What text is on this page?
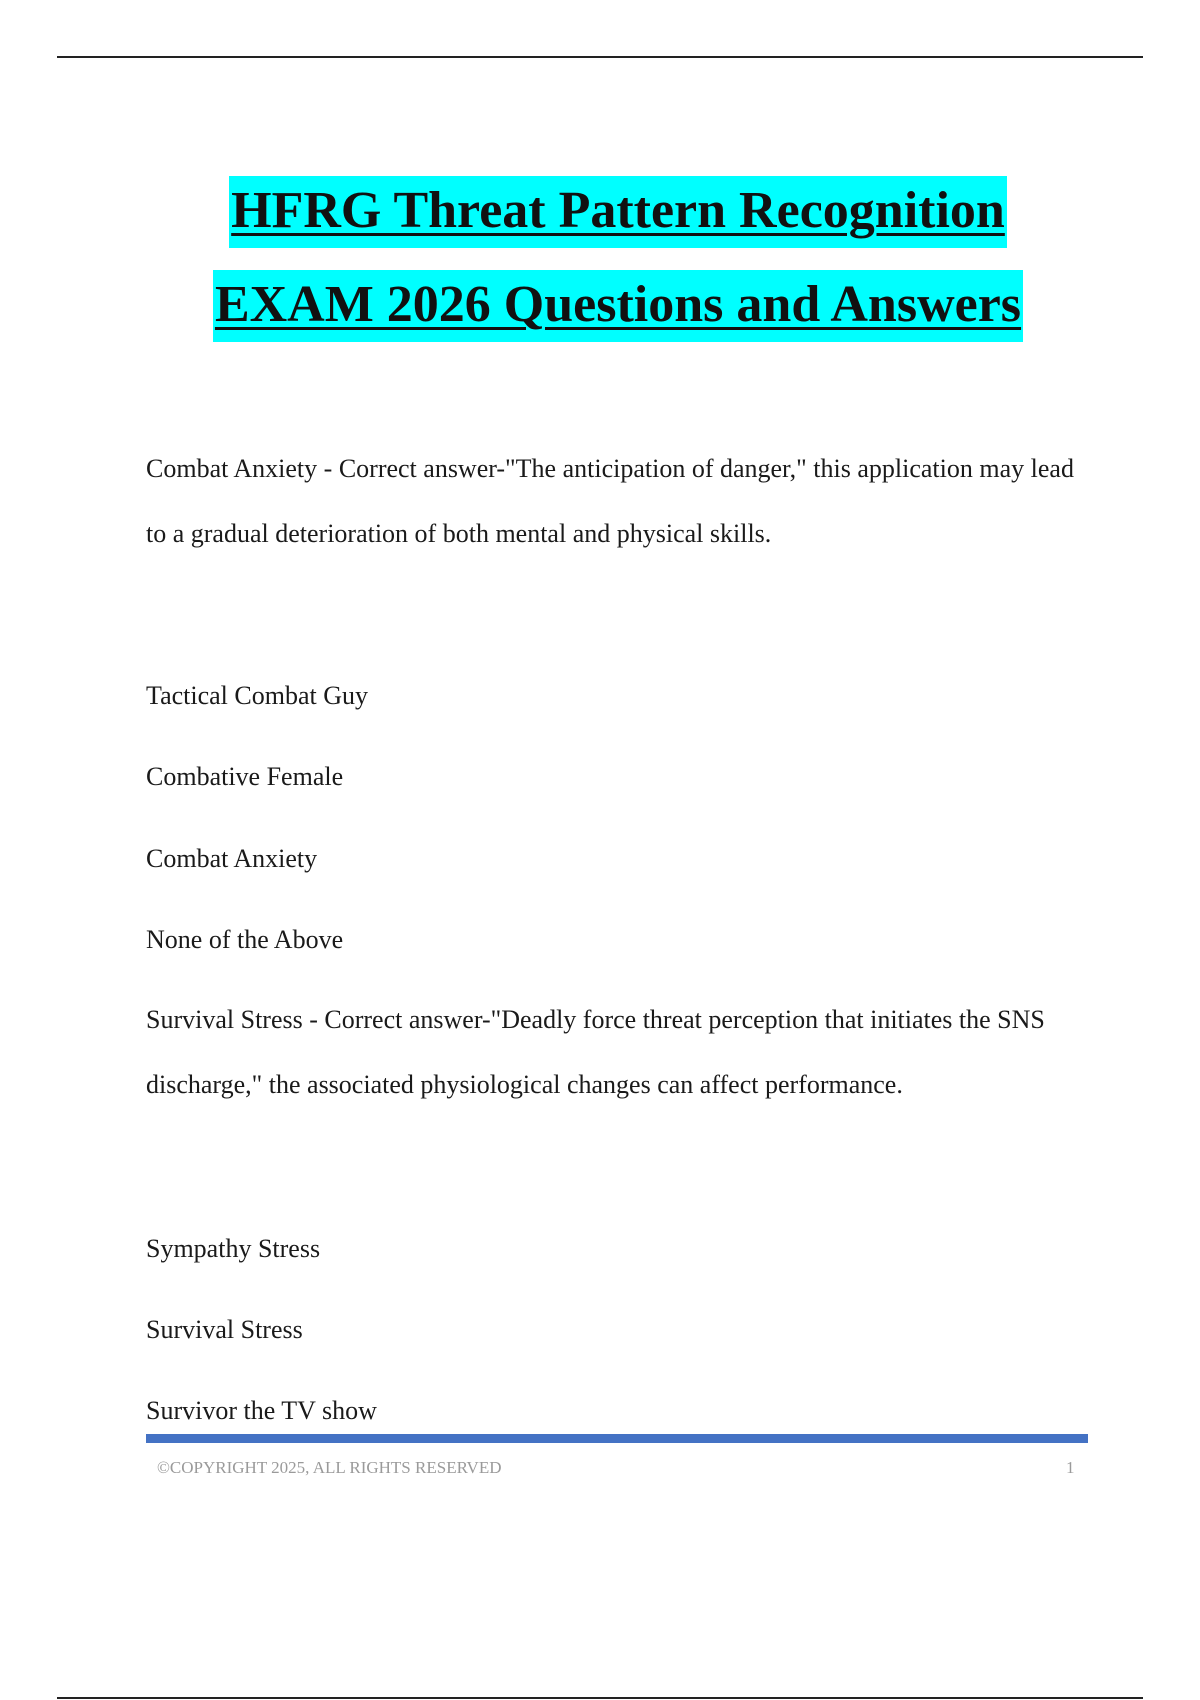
HFRG Threat Pattern Recognition
EXAM 2026 Questions and Answers

Combat Anxiety - Correct answer-"The anticipation of danger," this application may lead to a gradual deterioration of both mental and physical skills.

Tactical Combat Guy

Combative Female

Combat Anxiety

None of the Above

Survival Stress - Correct answer-"Deadly force threat perception that initiates the SNS discharge," the associated physiological changes can affect performance.

Sympathy Stress

Survival Stress

Survivor the TV show

©COPYRIGHT 2025, ALL RIGHTS RESERVED	1
